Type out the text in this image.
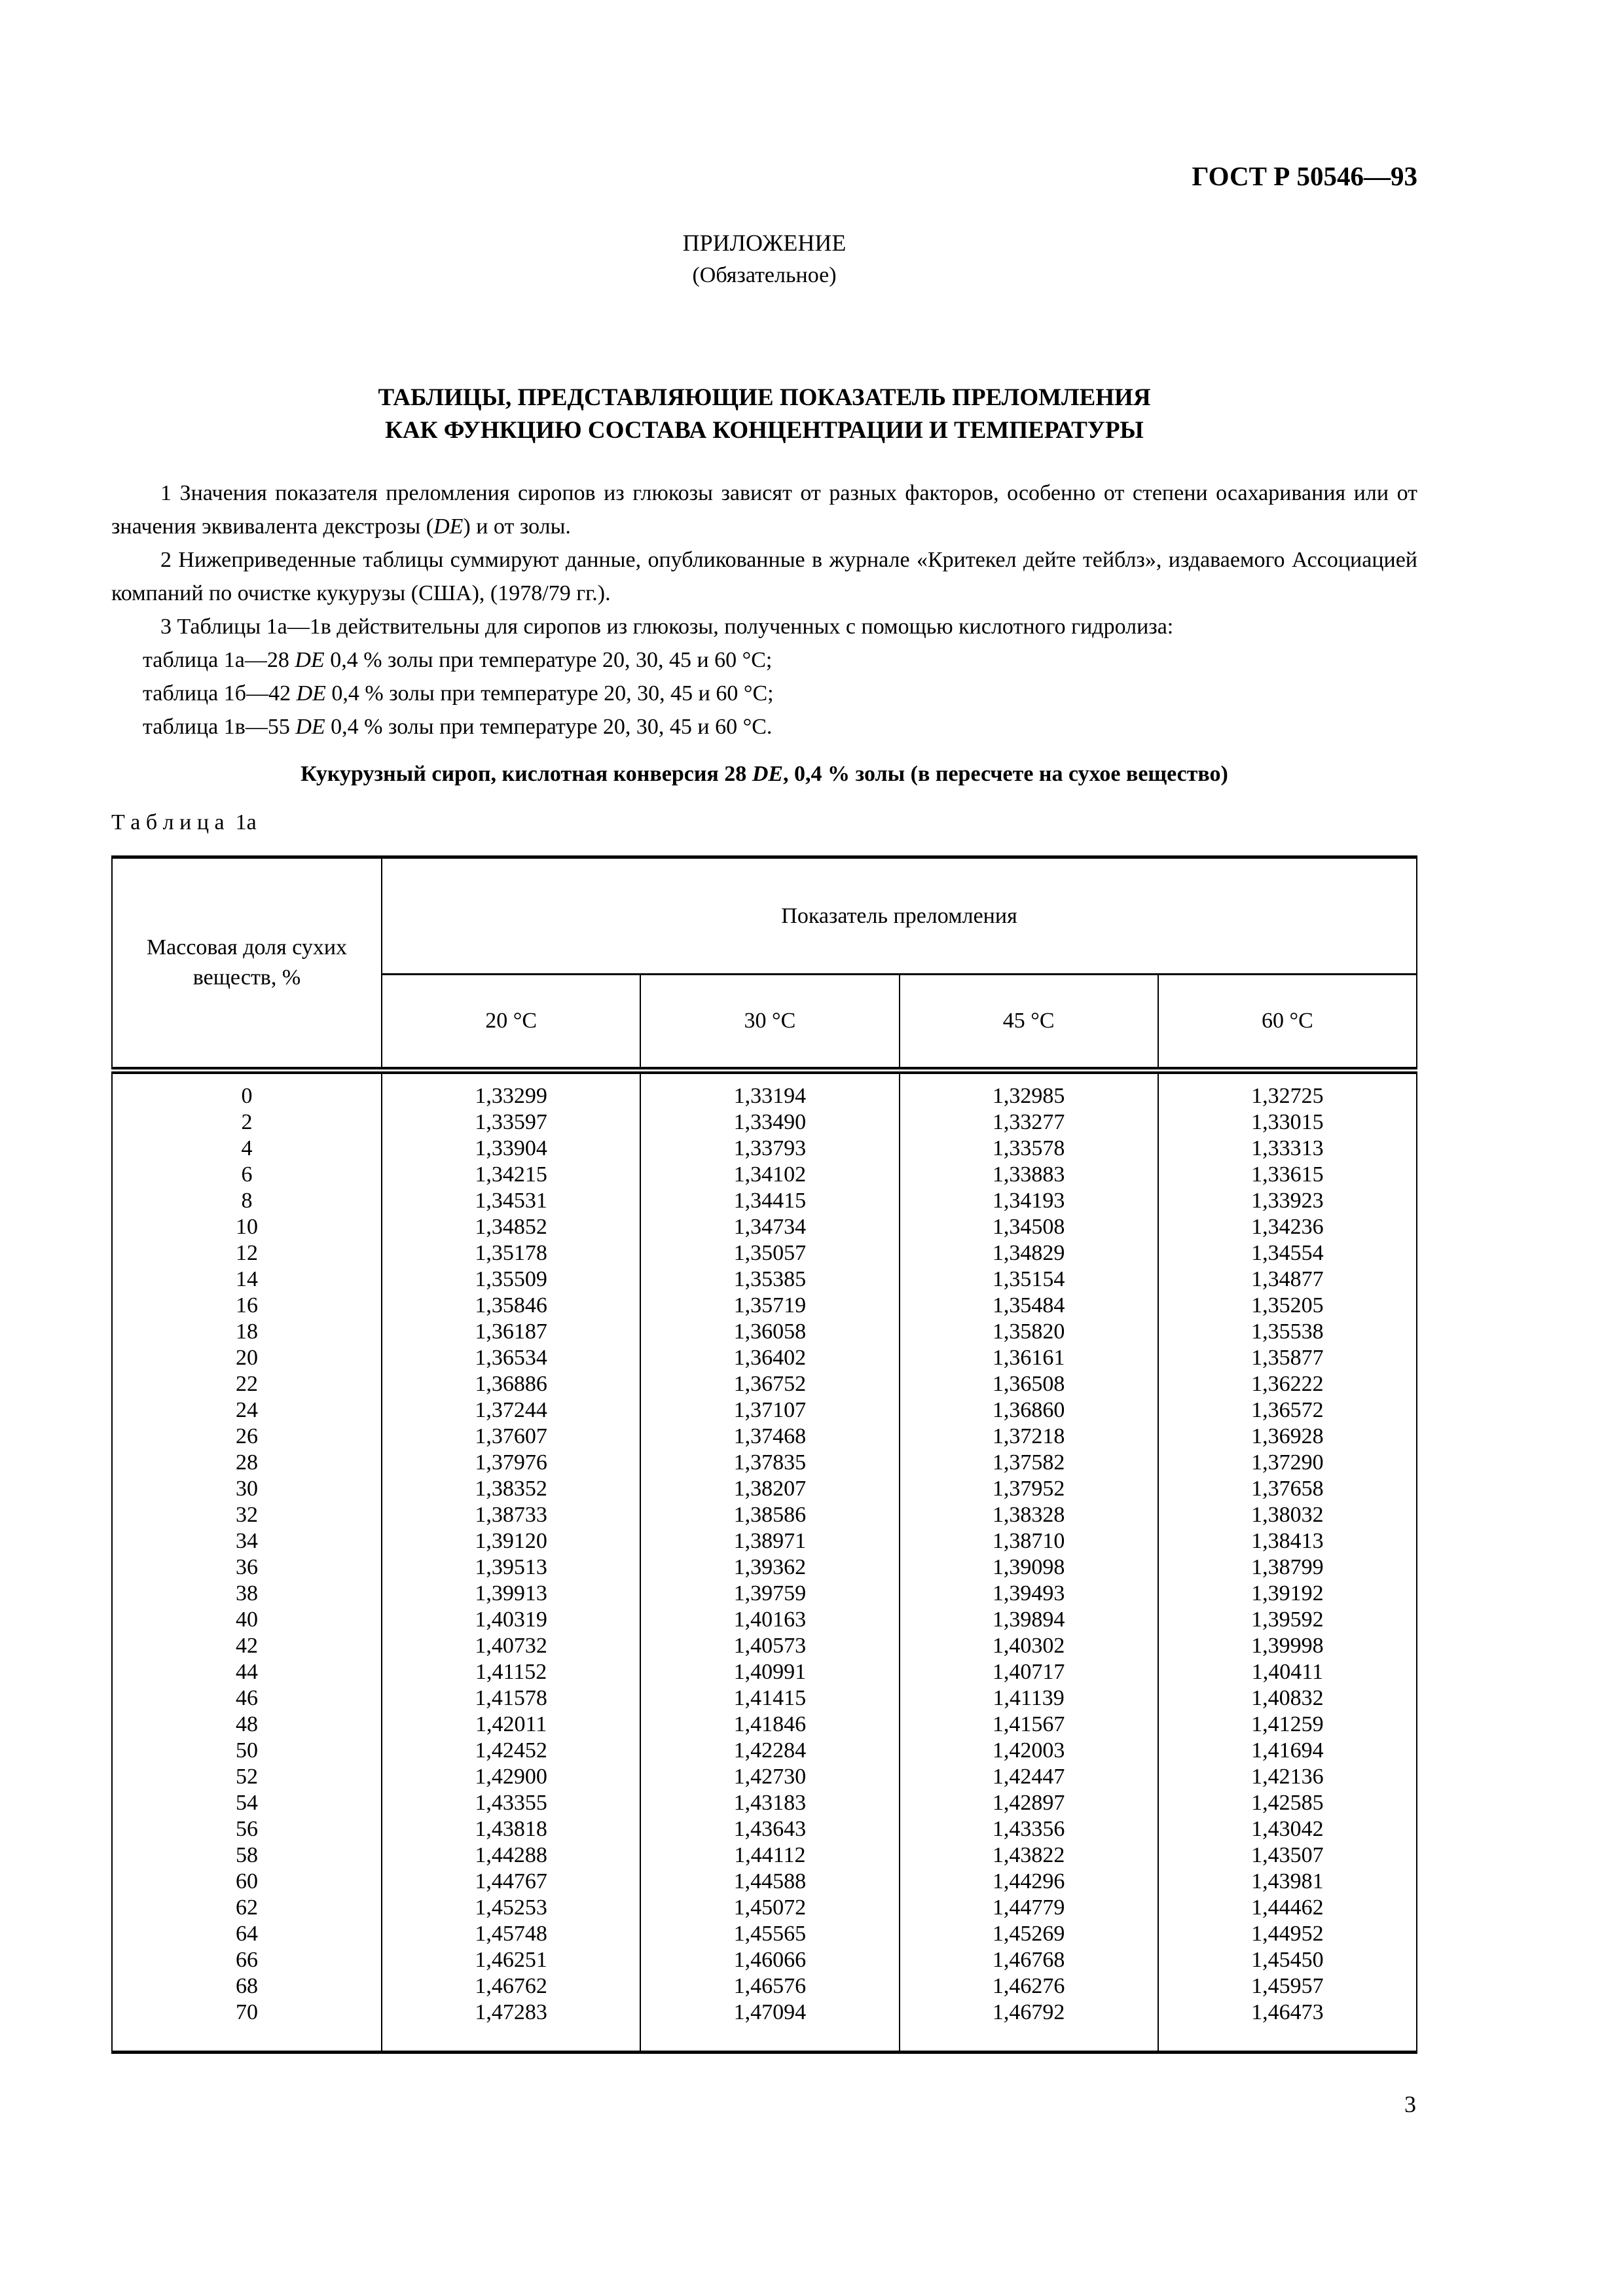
ГОСТ Р 50546—93
ПРИЛОЖЕНИЕ
(Обязательное)
ТАБЛИЦЫ, ПРЕДСТАВЛЯЮЩИЕ ПОКАЗАТЕЛЬ ПРЕЛОМЛЕНИЯ
КАК ФУНКЦИЮ СОСТАВА КОНЦЕНТРАЦИИ И ТЕМПЕРАТУРЫ

1 Значения показателя преломления сиропов из глюкозы зависят от разных факторов, особенно от степени осахаривания или от значения эквивалента декстрозы (DE) и от золы.

2 Нижеприведенные таблицы суммируют данные, опубликованные в журнале «Критекел дейте тейблз», издаваемого Ассоциацией компаний по очистке кукурузы (США), (1978/79 гг.).

3 Таблицы 1а—1в действительны для сиропов из глюкозы, полученных с помощью кислотного гидролиза:

таблица 1а—28 DE 0,4 % золы при температуре 20, 30, 45 и 60 °С;

таблица 1б—42 DE 0,4 % золы при температуре 20, 30, 45 и 60 °С;

таблица 1в—55 DE 0,4 % золы при температуре 20, 30, 45 и 60 °С.

Кукурузный сироп, кислотная конверсия 28 DE, 0,4 % золы (в пересчете на сухое вещество)

Т а б л и ц а  1а
Массовая доля сухих веществ, %	Показатель преломления			
	20 °С	30 °С	45 °С	60 °С
0	1,33299	1,33194	1,32985	1,32725
2	1,33597	1,33490	1,33277	1,33015
4	1,33904	1,33793	1,33578	1,33313
6	1,34215	1,34102	1,33883	1,33615
8	1,34531	1,34415	1,34193	1,33923
10	1,34852	1,34734	1,34508	1,34236
12	1,35178	1,35057	1,34829	1,34554
14	1,35509	1,35385	1,35154	1,34877
16	1,35846	1,35719	1,35484	1,35205
18	1,36187	1,36058	1,35820	1,35538
20	1,36534	1,36402	1,36161	1,35877
22	1,36886	1,36752	1,36508	1,36222
24	1,37244	1,37107	1,36860	1,36572
26	1,37607	1,37468	1,37218	1,36928
28	1,37976	1,37835	1,37582	1,37290
30	1,38352	1,38207	1,37952	1,37658
32	1,38733	1,38586	1,38328	1,38032
34	1,39120	1,38971	1,38710	1,38413
36	1,39513	1,39362	1,39098	1,38799
38	1,39913	1,39759	1,39493	1,39192
40	1,40319	1,40163	1,39894	1,39592
42	1,40732	1,40573	1,40302	1,39998
44	1,41152	1,40991	1,40717	1,40411
46	1,41578	1,41415	1,41139	1,40832
48	1,42011	1,41846	1,41567	1,41259
50	1,42452	1,42284	1,42003	1,41694
52	1,42900	1,42730	1,42447	1,42136
54	1,43355	1,43183	1,42897	1,42585
56	1,43818	1,43643	1,43356	1,43042
58	1,44288	1,44112	1,43822	1,43507
60	1,44767	1,44588	1,44296	1,43981
62	1,45253	1,45072	1,44779	1,44462
64	1,45748	1,45565	1,45269	1,44952
66	1,46251	1,46066	1,46768	1,45450
68	1,46762	1,46576	1,46276	1,45957
70	1,47283	1,47094	1,46792	1,46473
3
